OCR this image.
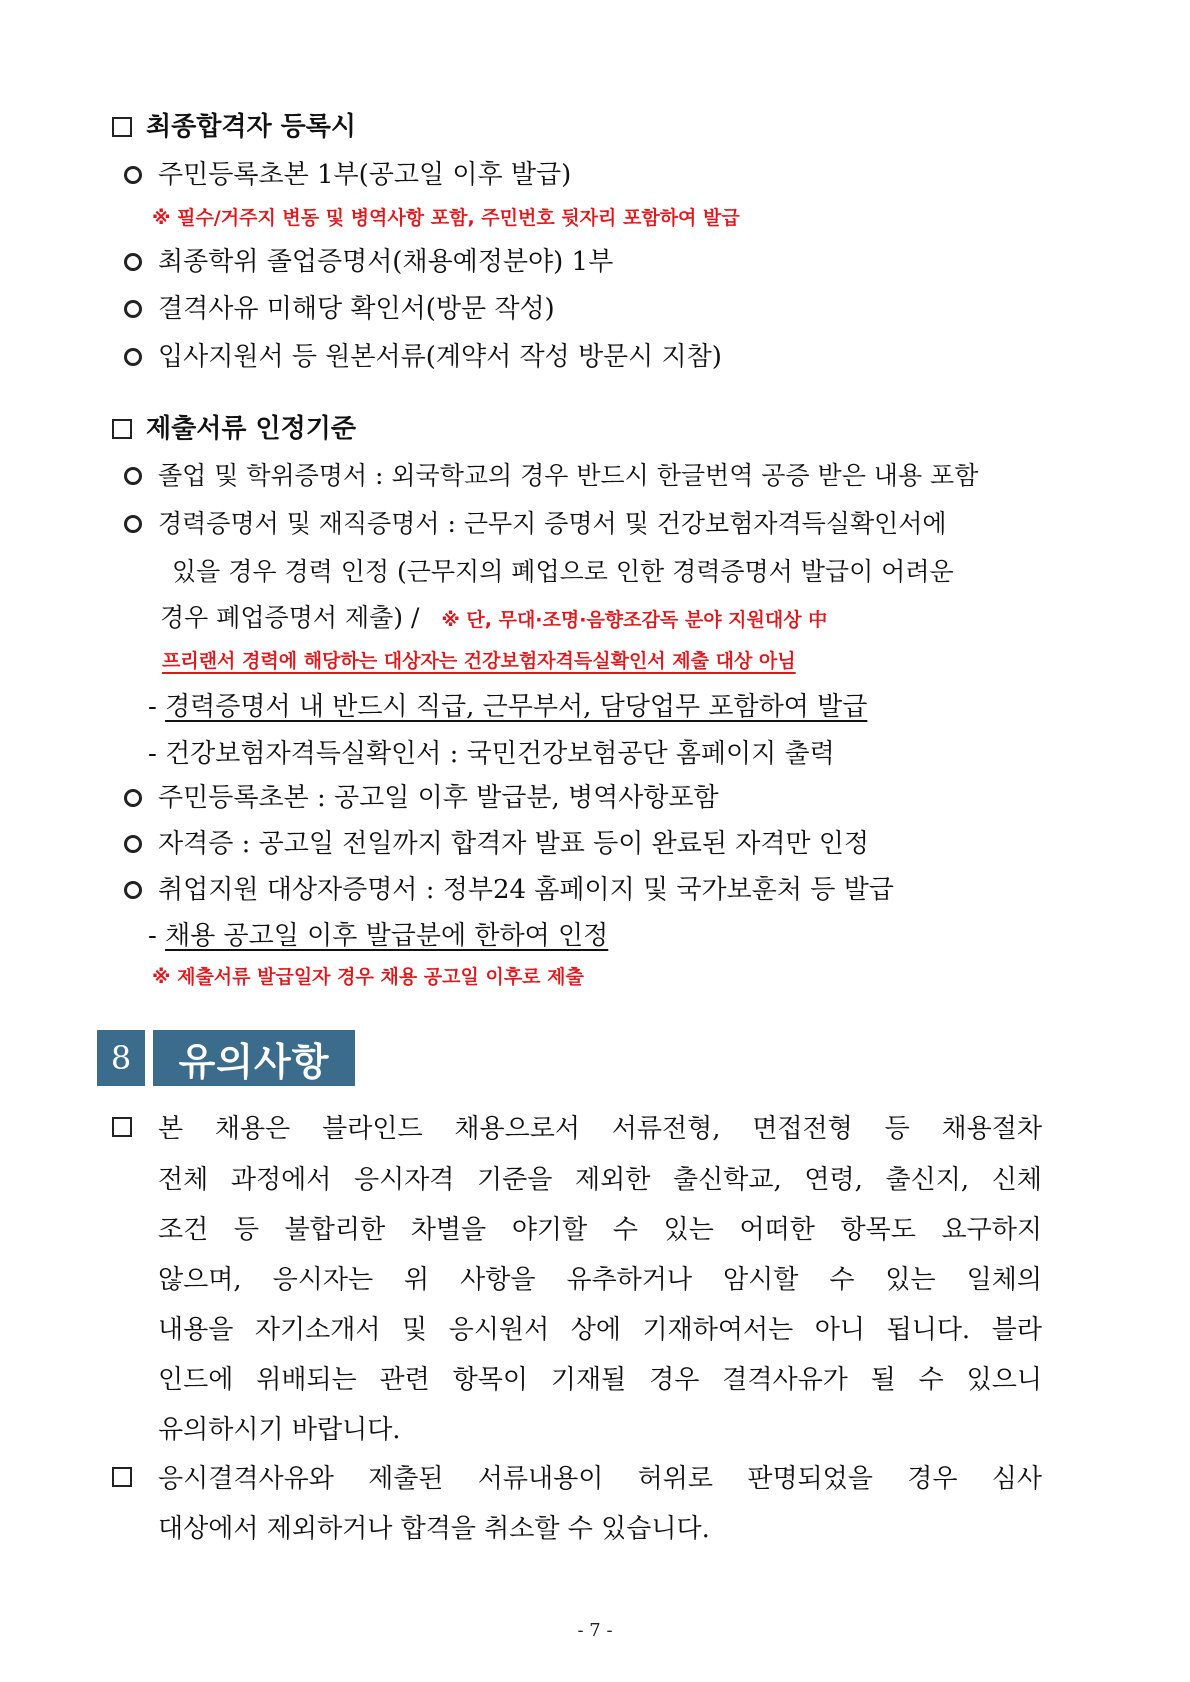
최종합격자 등록시
주민등록초본 1부(공고일 이후 발급)
※ 필수/거주지 변동 및 병역사항 포함, 주민번호 뒷자리 포함하여 발급
최종학위 졸업증명서(채용예정분야) 1부
결격사유 미해당 확인서(방문 작성)
입사지원서 등 원본서류(계약서 작성 방문시 지참)
제출서류 인정기준
졸업 및 학위증명서 : 외국학교의 경우 반드시 한글번역 공증 받은 내용 포함
경력증명서 및 재직증명서 : 근무지 증명서 및 건강보험자격득실확인서에
있을 경우 경력 인정 (근무지의 폐업으로 인한 경력증명서 발급이 어려운
경우 폐업증명서 제출) / ※ 단, 무대·조명·음향조감독 분야 지원대상 中
프리랜서 경력에 해당하는 대상자는 건강보험자격득실확인서 제출 대상 아님
- 경력증명서 내 반드시 직급, 근무부서, 담당업무 포함하여 발급
- 건강보험자격득실확인서 : 국민건강보험공단 홈페이지 출력
주민등록초본 : 공고일 이후 발급분, 병역사항포함
자격증 : 공고일 전일까지 합격자 발표 등이 완료된 자격만 인정
취업지원 대상자증명서 : 정부24 홈페이지 및 국가보훈처 등 발급
- 채용 공고일 이후 발급분에 한하여 인정
※ 제출서류 발급일자 경우 채용 공고일 이후로 제출
8	유의사항
본 채용은 블라인드 채용으로서 서류전형, 면접전형 등 채용절차
전체 과정에서 응시자격 기준을 제외한 출신학교, 연령, 출신지, 신체
조건 등 불합리한 차별을 야기할 수 있는 어떠한 항목도 요구하지
않으며, 응시자는 위 사항을 유추하거나 암시할 수 있는 일체의
내용을 자기소개서 및 응시원서 상에 기재하여서는 아니 됩니다. 블라
인드에 위배되는 관련 항목이 기재될 경우 결격사유가 될 수 있으니
유의하시기 바랍니다.
응시결격사유와 제출된 서류내용이 허위로 판명되었을 경우 심사
대상에서 제외하거나 합격을 취소할 수 있습니다.
- 7 -
